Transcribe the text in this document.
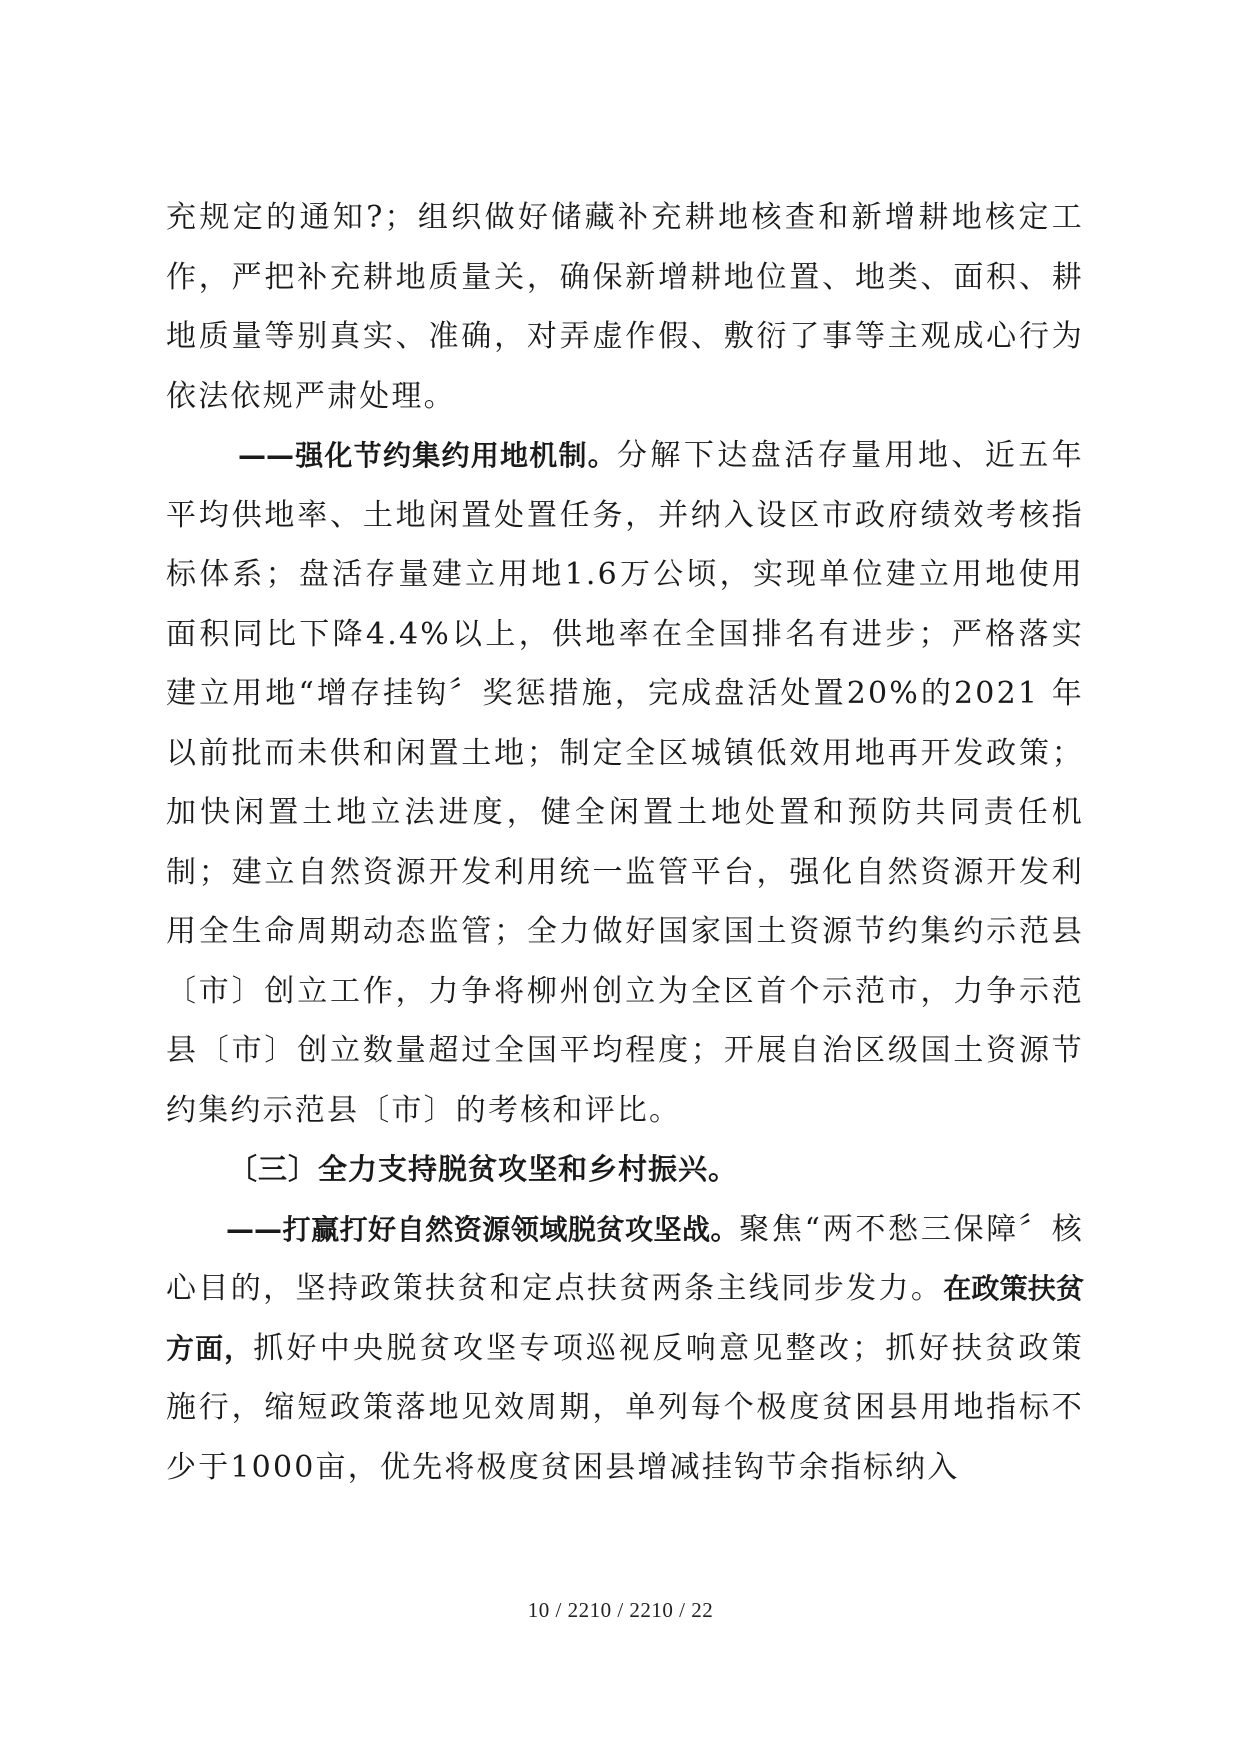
充规定的通知?；组织做好储藏补充耕地核查和新增耕地核定工作，严把补充耕地质量关，确保新增耕地位置、地类、面积、耕地质量等别真实、准确，对弄虚作假、敷衍了事等主观成心行为依法依规严肃处理。

——强化节约集约用地机制。分解下达盘活存量用地、近五年平均供地率、土地闲置处置任务，并纳入设区市政府绩效考核指标体系；盘活存量建立用地1.6万公顷，实现单位建立用地使用面积同比下降4.4%以上，供地率在全国排名有进步；严格落实建立用地“增存挂钩〞奖惩措施，完成盘活处置20%的2021 年以前批而未供和闲置土地；制定全区城镇低效用地再开发政策；加快闲置土地立法进度，健全闲置土地处置和预防共同责任机制；建立自然资源开发利用统一监管平台，强化自然资源开发利用全生命周期动态监管；全力做好国家国土资源节约集约示范县〔市〕创立工作，力争将柳州创立为全区首个示范市，力争示范县〔市〕创立数量超过全国平均程度；开展自治区级国土资源节约集约示范县〔市〕的考核和评比。

〔三〕全力支持脱贫攻坚和乡村振兴。

——打赢打好自然资源领域脱贫攻坚战。聚焦“两不愁三保障〞核心目的，坚持政策扶贫和定点扶贫两条主线同步发力。在政策扶贫方面，抓好中央脱贫攻坚专项巡视反响意见整改；抓好扶贫政策施行，缩短政策落地见效周期，单列每个极度贫困县用地指标不少于1000亩，优先将极度贫困县增减挂钩节余指标纳入

10 / 2210 / 2210 / 22
